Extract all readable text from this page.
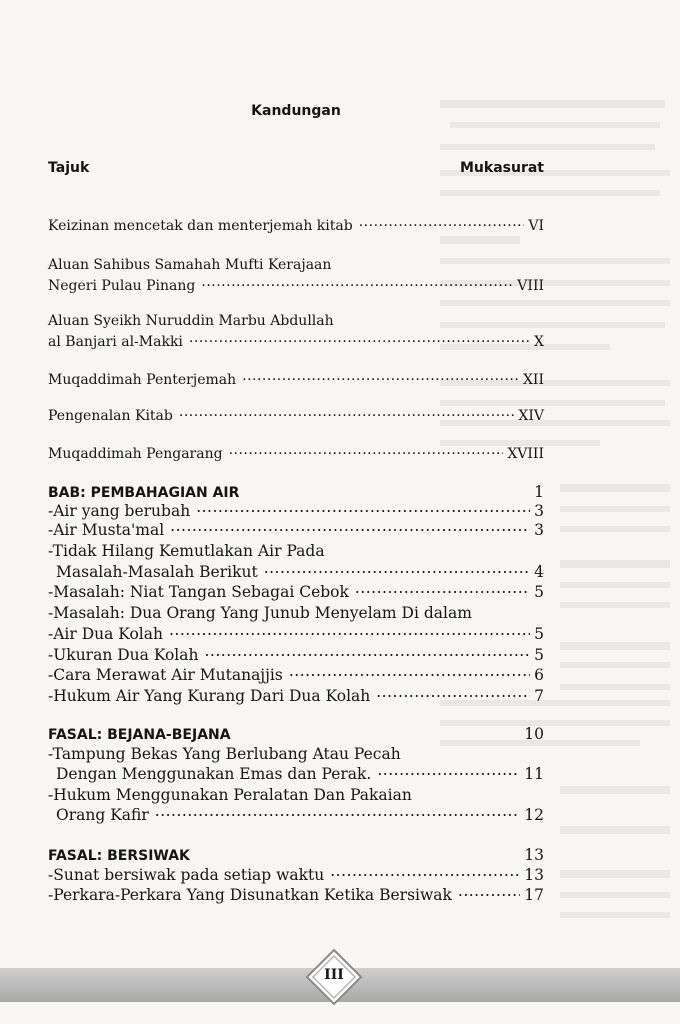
Kandungan
Tajuk	Mukasurat
Keizinan mencetak dan menterjemah kitab .....	VI
Aluan Sahibus Samahah Mufti Kerajaan
Negeri Pulau Pinang .....	VIII
Aluan Syeikh Nuruddin Marbu Abdullah
al Banjari al-Makki .....	X
Muqaddimah Penterjemah .....	XII
Pengenalan Kitab .....	XIV
Muqaddimah Pengarang .....	XVIII
BAB: PEMBAHAGIAN AIR	1
-Air yang berubah .....	3
-Air Musta'mal .....	3
-Tidak Hilang Kemutlakan Air Pada
Masalah-Masalah Berikut .....	4
-Masalah: Niat Tangan Sebagai Cebok .....	5
-Masalah: Dua Orang Yang Junub Menyelam Di dalam
-Air Dua Kolah .....	5
-Ukuran Dua Kolah .....	5
-Cara Merawat Air Mutanajjis .....	6
-Hukum Air Yang Kurang Dari Dua Kolah .....	7
FASAL: BEJANA-BEJANA	10
-Tampung Bekas Yang Berlubang Atau Pecah
Dengan Menggunakan Emas dan Perak. .....	11
-Hukum Menggunakan Peralatan Dan Pakaian
Orang Kafir .....	12
FASAL: BERSIWAK	13
-Sunat bersiwak pada setiap waktu .....	13
-Perkara-Perkara Yang Disunatkan Ketika Bersiwak .....	17
III
